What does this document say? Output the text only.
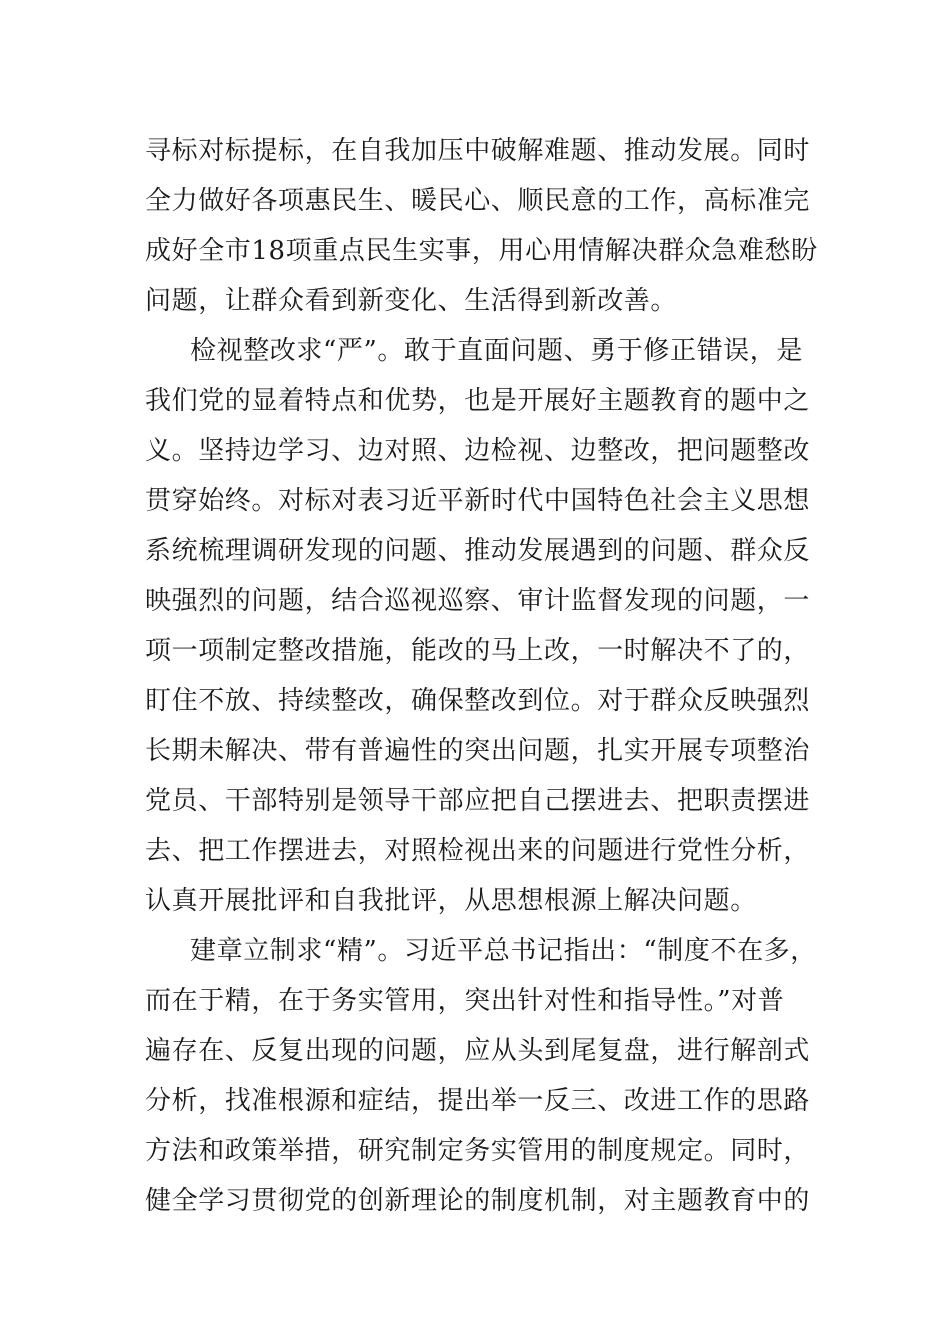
寻标对标提标，在自我加压中破解难题、推动发展。同时

全力做好各项惠民生、暖民心、顺民意的工作，高标准完

成好全市18项重点民生实事，用心用情解决群众急难愁盼

问题，让群众看到新变化、生活得到新改善。

检视整改求“严”。敢于直面问题、勇于修正错误，是

我们党的显着特点和优势，也是开展好主题教育的题中之

义。坚持边学习、边对照、边检视、边整改，把问题整改

贯穿始终。对标对表习近平新时代中国特色社会主义思想

系统梳理调研发现的问题、推动发展遇到的问题、群众反

映强烈的问题，结合巡视巡察、审计监督发现的问题，一

项一项制定整改措施，能改的马上改，一时解决不了的，

盯住不放、持续整改，确保整改到位。对于群众反映强烈

长期未解决、带有普遍性的突出问题，扎实开展专项整治

党员、干部特别是领导干部应把自己摆进去、把职责摆进

去、把工作摆进去，对照检视出来的问题进行党性分析，

认真开展批评和自我批评，从思想根源上解决问题。

建章立制求“精”。习近平总书记指出：“制度不在多，

而在于精，在于务实管用，突出针对性和指导性。”对普

遍存在、反复出现的问题，应从头到尾复盘，进行解剖式

分析，找准根源和症结，提出举一反三、改进工作的思路

方法和政策举措，研究制定务实管用的制度规定。同时，

健全学习贯彻党的创新理论的制度机制，对主题教育中的
